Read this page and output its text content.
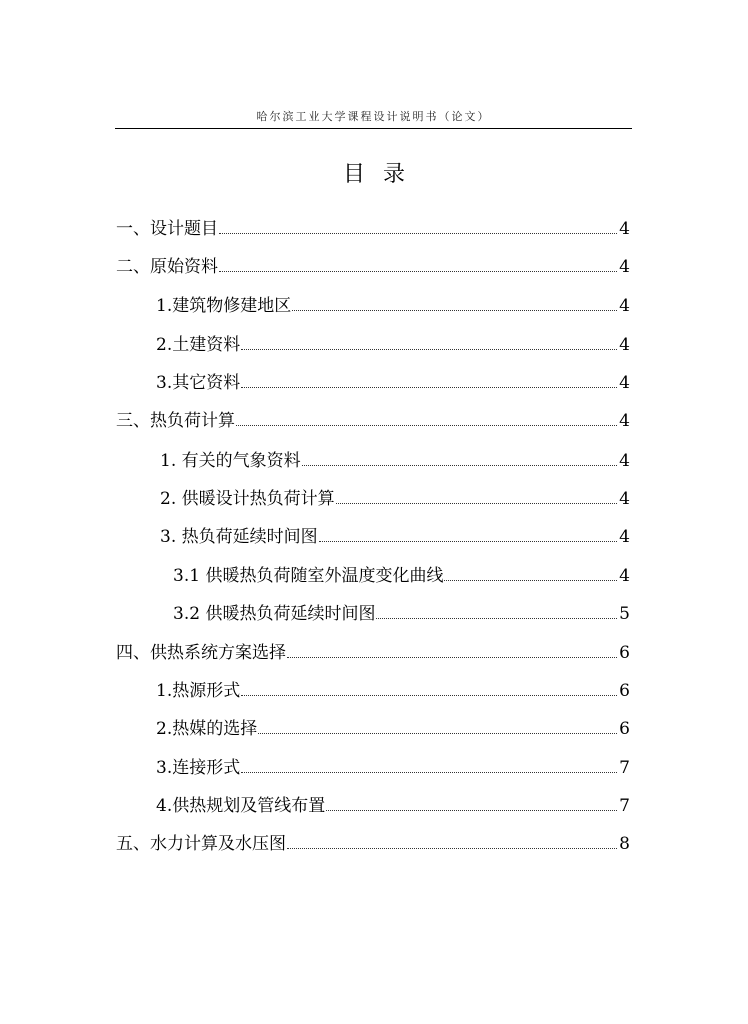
哈尔滨工业大学课程设计说明书（论文）
目录
一、设计题目	4
二、原始资料	4
1.建筑物修建地区	4
2.土建资料	4
3.其它资料	4
三、热负荷计算	4
1. 有关的气象资料	4
2. 供暖设计热负荷计算	4
3. 热负荷延续时间图	4
3.1 供暖热负荷随室外温度变化曲线	4
3.2 供暖热负荷延续时间图	5
四、供热系统方案选择	6
1.热源形式	6
2.热媒的选择	6
3.连接形式	7
4.供热规划及管线布置	7
五、水力计算及水压图	8
